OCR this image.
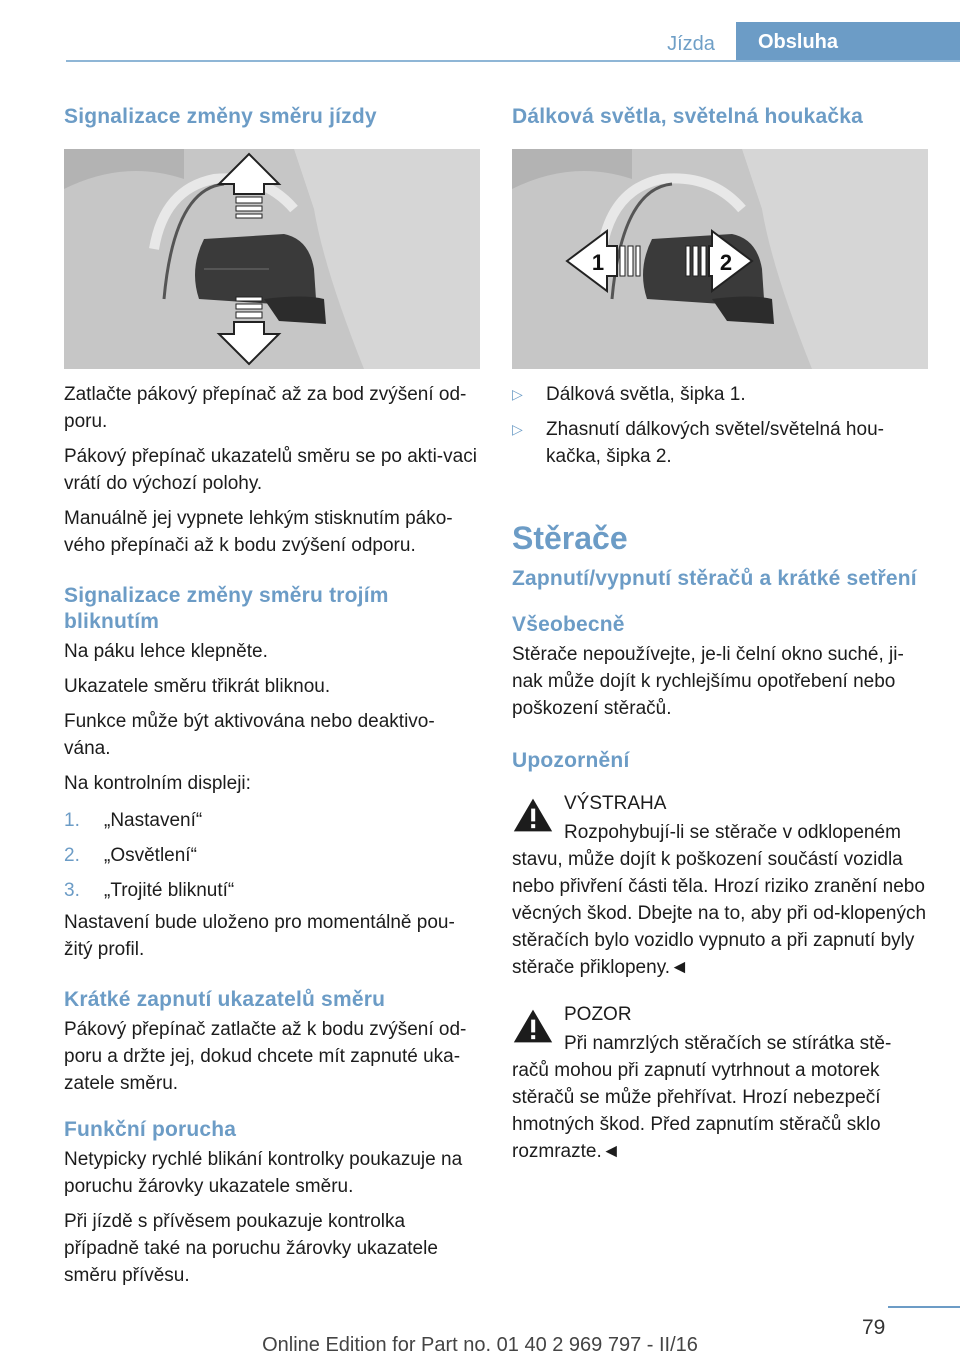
Jízda	Obsluha
Signalizace změny směru jízdy

Zatlačte pákový přepínač až za bod zvýšení od‐poru.

Pákový přepínač ukazatelů směru se po akti‐vaci vrátí do výchozí polohy.

Manuálně jej vypnete lehkým stisknutím páko‐vého přepínači až k bodu zvýšení odporu.

Signalizace změny směru trojím bliknutím

Na páku lehce klepněte.

Ukazatele směru třikrát bliknou.

Funkce může být aktivována nebo deaktivo‐vána.

Na kontrolním displeji:

1. „Nastavení“
2. „Osvětlení“
3. „Trojité bliknutí“

Nastavení bude uloženo pro momentálně pou‐žitý profil.

Krátké zapnutí ukazatelů směru

Pákový přepínač zatlačte až k bodu zvýšení od‐poru a držte jej, dokud chcete mít zapnuté uka‐zatele směru.

Funkční porucha

Netypicky rychlé blikání kontrolky poukazuje na poruchu žárovky ukazatele směru.

Při jízdě s přívěsem poukazuje kontrolka případně také na poruchu žárovky ukazatele směru přívěsu.

Dálková světla, světelná houkačka
1	2
▷ Dálková světla, šipka 1.
▷ Zhasnutí dálkových světel/světelná hou‐kačka, šipka 2.
Stěrače
Zapnutí/vypnutí stěračů a krátké setření
Všeobecně

Stěrače nepoužívejte, je-li čelní okno suché, ji‐nak může dojít k rychlejšímu opotřebení nebo poškození stěračů.

Upozornění

VÝSTRAHA

Rozpohybují-li se stěrače v odklopeném stavu, může dojít k poškození součástí vozidla nebo přivření části těla. Hrozí riziko zranění nebo věcných škod. Dbejte na to, aby při od‐klopených stěračích bylo vozidlo vypnuto a při zapnutí byly stěrače přiklopeny.◄

POZOR

Při namrzlých stěračích se stírátka stě‐račů mohou při zapnutí vytrhnout a motorek stěračů se může přehřívat. Hrozí nebezpečí hmotných škod. Před zapnutím stěračů sklo rozmrazte.◄

79
Online Edition for Part no. 01 40 2 969 797 - II/16
